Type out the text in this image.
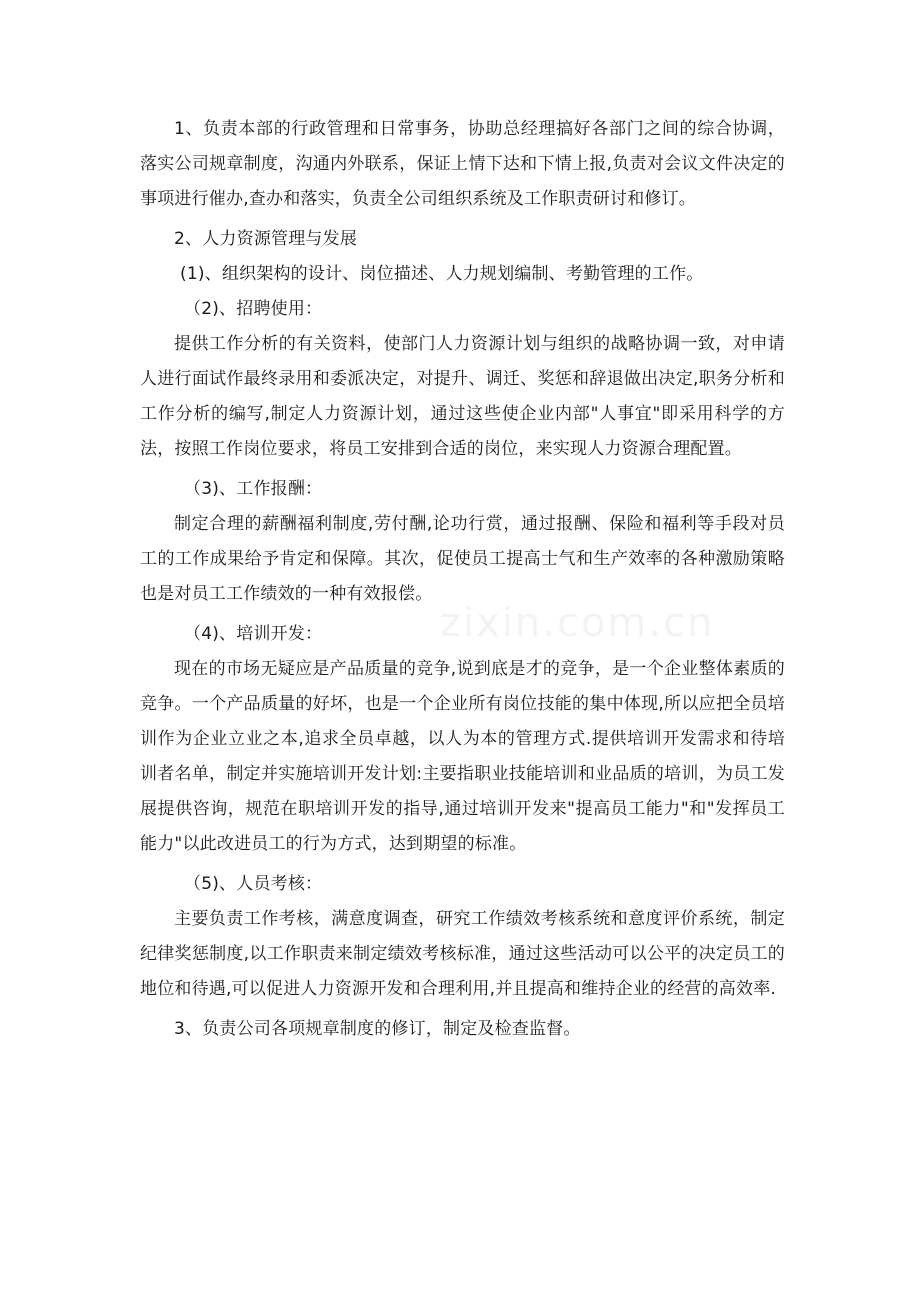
1、负责本部的行政管理和日常事务，协助总经理搞好各部门之间的综合协调，落实公司规章制度，沟通内外联系，保证上情下达和下情上报,负责对会议文件决定的事项进行催办,查办和落实，负责全公司组织系统及工作职责研讨和修订。

2、人力资源管理与发展

(1)、组织架构的设计、岗位描述、人力规划编制、考勤管理的工作。

（2)、招聘使用：

提供工作分析的有关资料，使部门人力资源计划与组织的战略协调一致，对申请人进行面试作最终录用和委派决定，对提升、调迁、奖惩和辞退做出决定,职务分析和工作分析的编写,制定人力资源计划，通过这些使企业内部"人事宜"即采用科学的方法，按照工作岗位要求，将员工安排到合适的岗位，来实现人力资源合理配置。

（3)、工作报酬：

制定合理的薪酬福利制度,劳付酬,论功行赏，通过报酬、保险和福利等手段对员工的工作成果给予肯定和保障。其次，促使员工提高士气和生产效率的各种激励策略也是对员工工作绩效的一种有效报偿。

（4)、培训开发：

现在的市场无疑应是产品质量的竞争,说到底是才的竞争，是一个企业整体素质的竞争。一个产品质量的好坏，也是一个企业所有岗位技能的集中体现,所以应把全员培训作为企业立业之本,追求全员卓越，以人为本的管理方式.提供培训开发需求和待培训者名单，制定并实施培训开发计划:主要指职业技能培训和业品质的培训，为员工发展提供咨询，规范在职培训开发的指导,通过培训开发来"提高员工能力"和"发挥员工能力"以此改进员工的行为方式，达到期望的标准。

（5)、人员考核：

主要负责工作考核，满意度调查，研究工作绩效考核系统和意度评价系统，制定纪律奖惩制度,以工作职责来制定绩效考核标准，通过这些活动可以公平的决定员工的地位和待遇,可以促进人力资源开发和合理利用,并且提高和维持企业的经营的高效率.

3、负责公司各项规章制度的修订，制定及检查监督。

zixin.com.cn
